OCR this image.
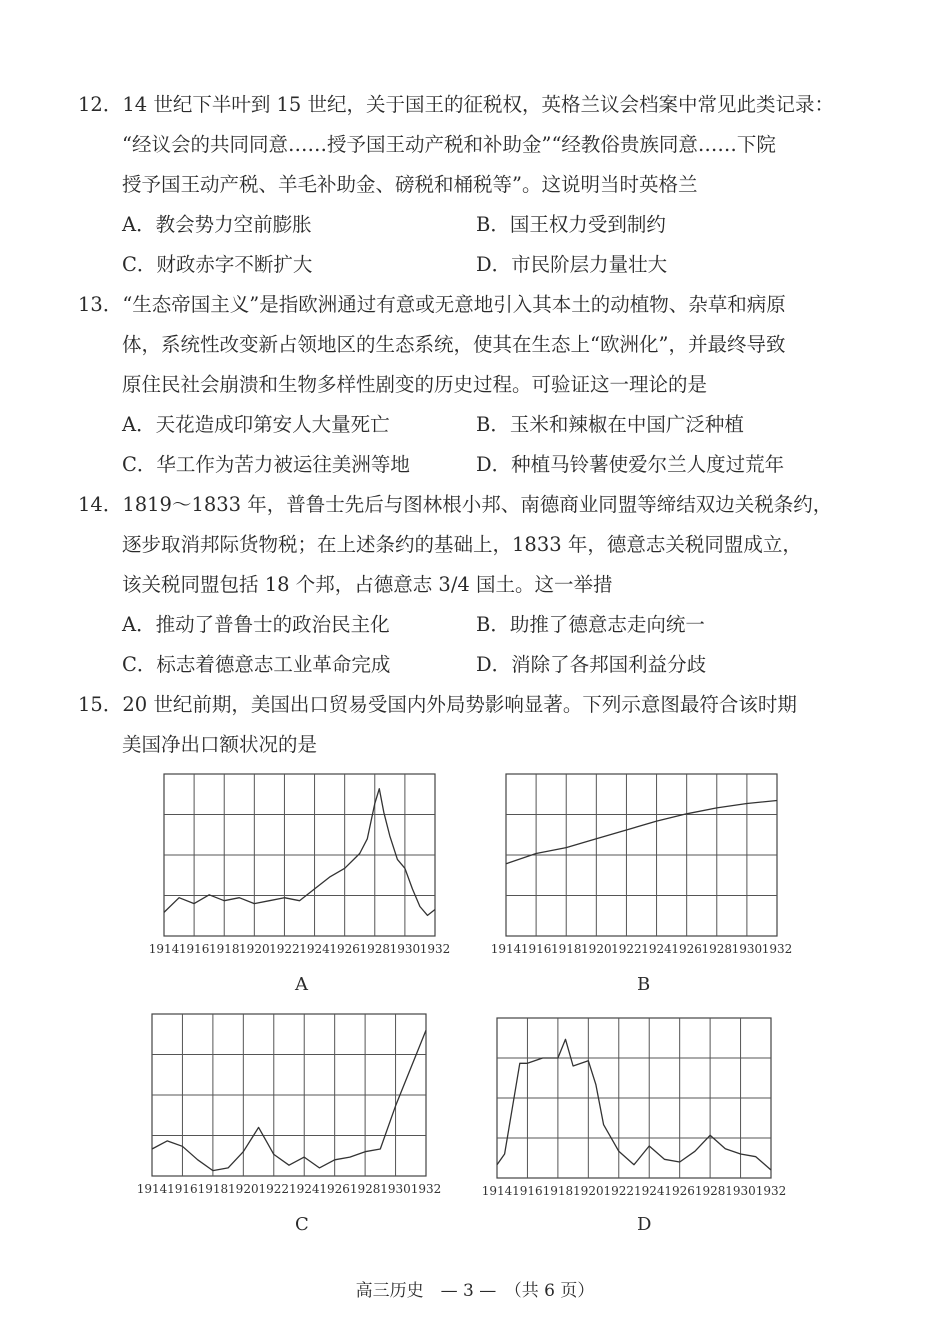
12．14 世纪下半叶到 15 世纪，关于国王的征税权，英格兰议会档案中常见此类记录：
“经议会的共同同意……授予国王动产税和补助金”“经教俗贵族同意……下院
授予国王动产税、羊毛补助金、磅税和桶税等”。这说明当时英格兰
A．教会势力空前膨胀	B．国王权力受到制约
C．财政赤字不断扩大	D．市民阶层力量壮大
13．“生态帝国主义”是指欧洲通过有意或无意地引入其本土的动植物、杂草和病原
体，系统性改变新占领地区的生态系统，使其在生态上“欧洲化”，并最终导致
原住民社会崩溃和生物多样性剧变的历史过程。可验证这一理论的是
A．天花造成印第安人大量死亡	B．玉米和辣椒在中国广泛种植
C．华工作为苦力被运往美洲等地	D．种植马铃薯使爱尔兰人度过荒年
14．1819～1833 年，普鲁士先后与图林根小邦、南德商业同盟等缔结双边关税条约，
逐步取消邦际货物税；在上述条约的基础上，1833 年，德意志关税同盟成立，
该关税同盟包括 18 个邦，占德意志 3/4 国土。这一举措
A．推动了普鲁士的政治民主化	B．助推了德意志走向统一
C．标志着德意志工业革命完成	D．消除了各邦国利益分歧
15．20 世纪前期，美国出口贸易受国内外局势影响显著。下列示意图最符合该时期
美国净出口额状况的是
1914 1916 1918 1920 1922 1924 1926 1928 1930 1932
A
1914 1916 1918 1920 1922 1924 1926 1928 1930 1932
B
1914 1916 1918 1920 1922 1924 1926 1928 1930 1932
C
1914 1916 1918 1920 1922 1924 1926 1928 1930 1932
D
高三历史　— 3 —　（共 6 页）
